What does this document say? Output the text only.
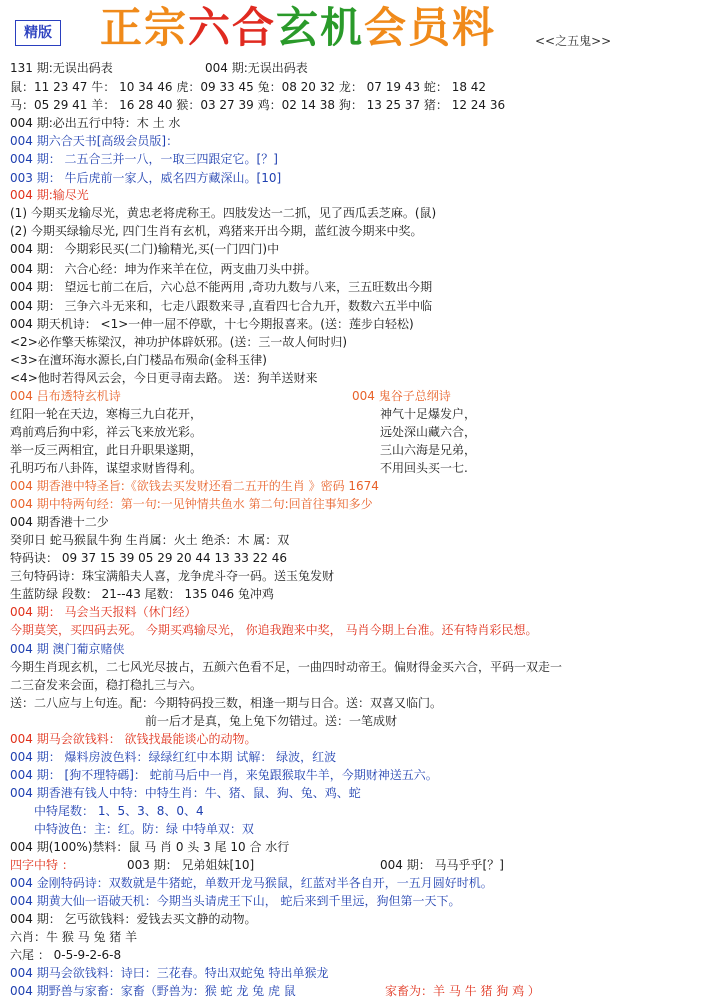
精版 正宗六合玄机会员料	<<之五鬼>>
131 期:无误出码表	004 期:无误出码表
鼠：11 23 47 牛： 10 34 46 虎：09 33 45 兔：08 20 32 龙： 07 19 43 蛇： 18 42
马：05 29 41 羊： 16 28 40 猴：03 27 39 鸡：02 14 38 狗： 13 25 37 猪： 12 24 36
004 期:必出五行中特：木 土 水
004 期六合天书[高级会员版]：
004 期： 二五合三并一八，一取三四跟定它。[？]
003 期： 牛后虎前一家人，威名四方藏深山。[10]
004 期:输尽光
(1) 今期买龙输尽光，黄忠老将虎称王。四肢发达一二抓，见了西瓜丢芝麻。(鼠)
(2) 今期买绿输尽光, 四门生肖有玄机，鸡猪来开出今期，蓝红波今期来中奖。
004 期： 今期彩民买(二门)输精光,买(一门四门)中
004 期： 六合心经：坤为作来羊在位，两支曲刀头中拼。
004 期： 望远七前二在后，六心总不能两用 ,奇功九数与八来，三五旺数出今期
004 期： 三争六斗无来和，七走八跟数来寻 ,直看四七合九开，数数六五半中临
004 期天机诗： <1>一伸一屈不停歇，十七今期报喜来。(送：莲步白轻松)
<2>必作擎天栋梁汉，神功护体辟妖邪。(送：三一故人何时归)
<3>在澶环海水源长,白门楼品布殒命(金科玉律)
<4>他时若得风云会，今日更寻南去路。 送：狗羊送财来
004 吕布透特玄机诗	004 鬼谷子总纲诗
红阳一轮在天边，寒梅三九白花开，	神气十足爆发户，
鸡前鸡后狗中彩，祥云飞来放光彩。	远处深山藏六合，
举一反三两相宜，此日升职果遂期，	三山六海是兄弟，
孔明巧布八卦阵，谋望求财皆得利。	不用回头买一七.
004 期香港中特圣旨:《欲钱去买发财还看二五开的生肖 》密码 1674
004 期中特两句经：第一句:一见钟情共鱼水 第二句:回首往事知多少
004 期香港十二少
癸卯日 蛇马猴鼠牛狗 生肖属：火土 绝杀：木 属：双
特码诀： 09 37 15 39 05 29 20 44 13 33 22 46
三句特码诗：珠宝满船夫人喜，龙争虎斗夺一码。送玉兔发财
生蓝防绿 段数： 21--43 尾数： 135 046 兔冲鸡
004 期： 马会当天报料（休门经）
今期莫笑，买四码去死。 今期买鸡输尽光， 你追我跑来中奖， 马肖今期上台准。还有特肖彩民想。
004 期 澳门葡京赌侠
今期生肖现玄机，二七风光尽披占，五颜六色看不足，一曲四时动帝王。偏财得金买六合，平码一双走一
二三奋发来会面，稳打稳扎三与六。
送：二八应与上句连。配：今期特码投三数，相逢一期与日合。送：双喜又临门。
前一后才是真，兔上兔下勿错过。送：一笔成财
004 期马会欲钱料： 欲钱找最能谈心的动物。
004 期： 爆料房波色料：绿绿红红中本期 试解： 绿波，红波
004 期： [狗不理特碼]： 蛇前马后中一肖，来兔跟猴取牛羊，今期财神送五六。
004 期香港有钱人中特：中特生肖：牛、猪、鼠、狗、兔、鸡、蛇
中特尾数： 1、5、3、8、0、4
中特波色：主：红。防：绿 中特单双：双
004 期(100%)禁料：鼠 马 肖 0 头 3 尾 10 合 水行
四字中特 ：	003 期： 兄弟姐妹[10]	004 期： 马马乎乎[？]
004 金刚特码诗：双数就是牛猪蛇，单数开龙马猴鼠，红蓝对半各自开，一五月圆好时机。
004 期黄大仙一语破天机：今期当头请虎王下山， 蛇后来到千里远，狗但第一天下。
004 期： 乞丐欲钱料：爱钱去买文静的动物。
六肖：牛 猴 马 兔 猪 羊
六尾 ： 0-5-9-2-6-8
004 期马会欲钱料：诗曰：三花春。特出双蛇兔 特出单猴龙
004 期野兽与家畜：家畜（野兽为：猴 蛇 龙 兔 虎 鼠	家畜为：羊 马 牛 猪 狗 鸡 ）
